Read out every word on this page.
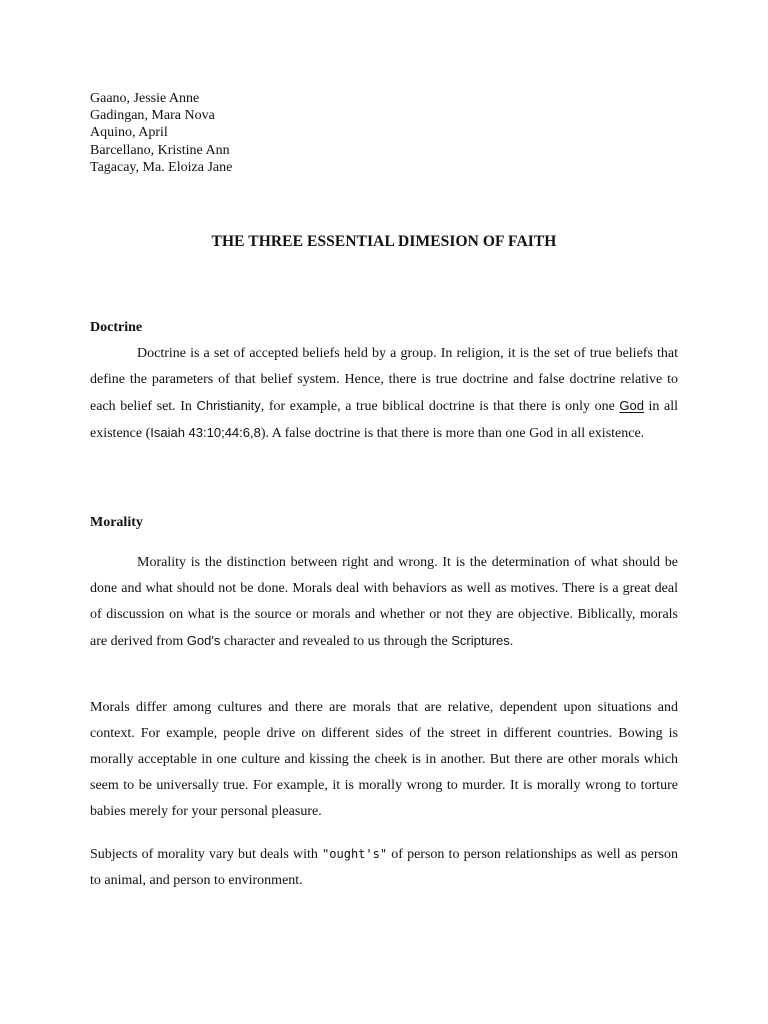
Gaano, Jessie Anne
Gadingan, Mara Nova
Aquino, April
Barcellano, Kristine Ann
Tagacay, Ma. Eloiza Jane
THE THREE ESSENTIAL DIMESION OF FAITH
Doctrine

Doctrine is a set of accepted beliefs held by a group. In religion, it is the set of true beliefs that define the parameters of that belief system. Hence, there is true doctrine and false doctrine relative to each belief set. In Christianity, for example, a true biblical doctrine is that there is only one God in all existence (Isaiah 43:10;44:6,8). A false doctrine is that there is more than one God in all existence.

Morality

Morality is the distinction between right and wrong. It is the determination of what should be done and what should not be done. Morals deal with behaviors as well as motives. There is a great deal of discussion on what is the source or morals and whether or not they are objective. Biblically, morals are derived from God's character and revealed to us through the Scriptures.

Morals differ among cultures and there are morals that are relative, dependent upon situations and context. For example, people drive on different sides of the street in different countries. Bowing is morally acceptable in one culture and kissing the cheek is in another. But there are other morals which seem to be universally true. For example, it is morally wrong to murder. It is morally wrong to torture babies merely for your personal pleasure.

Subjects of morality vary but deals with "ought's" of person to person relationships as well as person to animal, and person to environment.
